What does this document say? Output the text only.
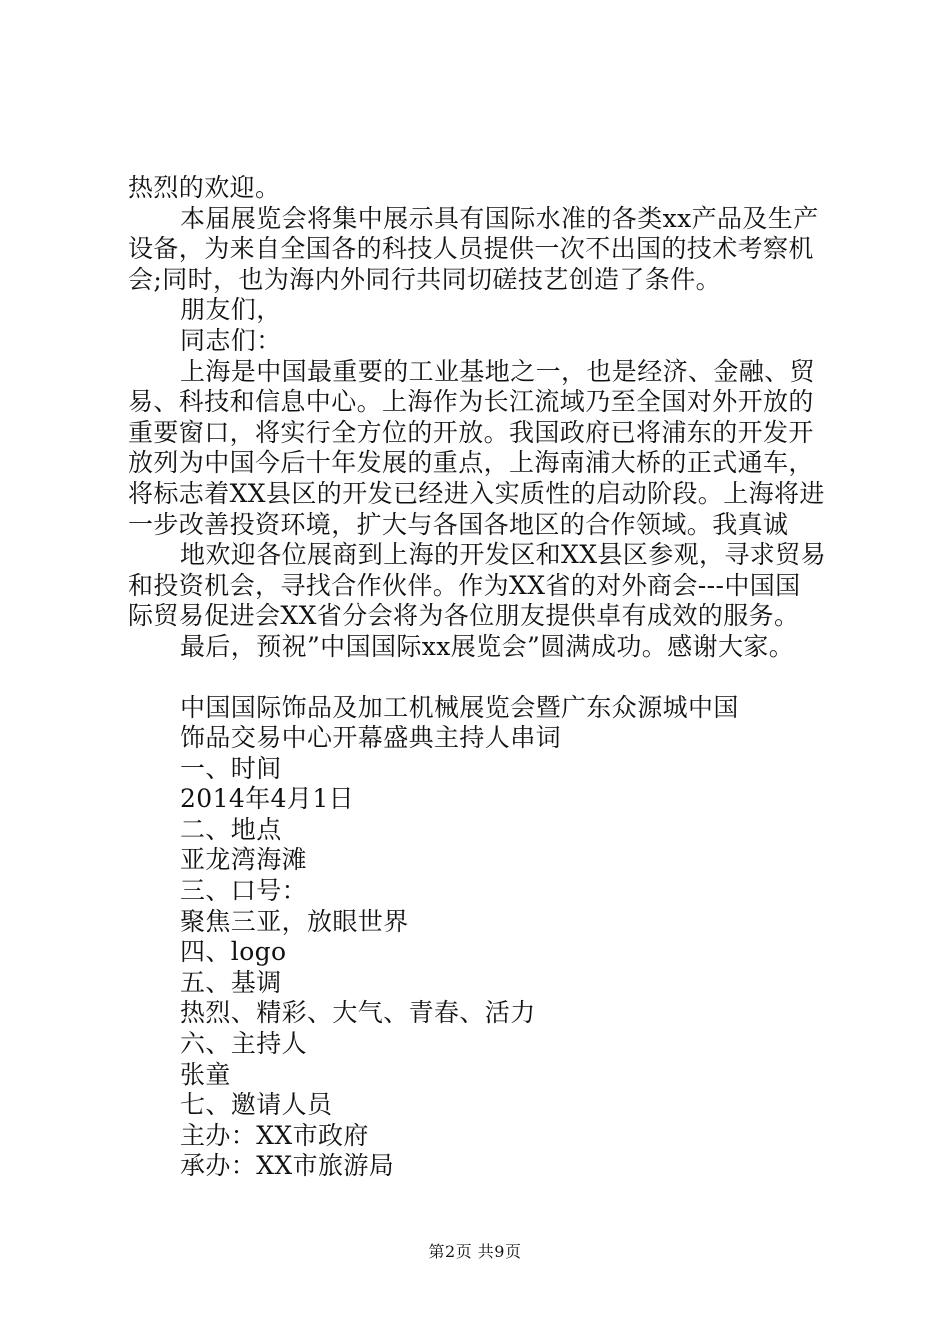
热烈的欢迎。
本届展览会将集中展示具有国际水准的各类xx产品及生产
设备，为来自全国各的科技人员提供一次不出国的技术考察机
会;同时，也为海内外同行共同切磋技艺创造了条件。
朋友们，
同志们：
上海是中国最重要的工业基地之一，也是经济、金融、贸
易、科技和信息中心。上海作为长江流域乃至全国对外开放的
重要窗口，将实行全方位的开放。我国政府已将浦东的开发开
放列为中国今后十年发展的重点，上海南浦大桥的正式通车，
将标志着XX县区的开发已经进入实质性的启动阶段。上海将进
一步改善投资环境，扩大与各国各地区的合作领域。我真诚
地欢迎各位展商到上海的开发区和XX县区参观，寻求贸易
和投资机会，寻找合作伙伴。作为XX省的对外商会---中国国
际贸易促进会XX省分会将为各位朋友提供卓有成效的服务。
最后，预祝”中国国际xx展览会”圆满成功。感谢大家。
中国国际饰品及加工机械展览会暨广东众源城中国
饰品交易中心开幕盛典主持人串词
一、时间
2014年4月1日
二、地点
亚龙湾海滩
三、口号：
聚焦三亚，放眼世界
四、logo
五、基调
热烈、精彩、大气、青春、活力
六、主持人
张童
七、邀请人员
主办：XX市政府
承办：XX市旅游局
第2页 共9页
